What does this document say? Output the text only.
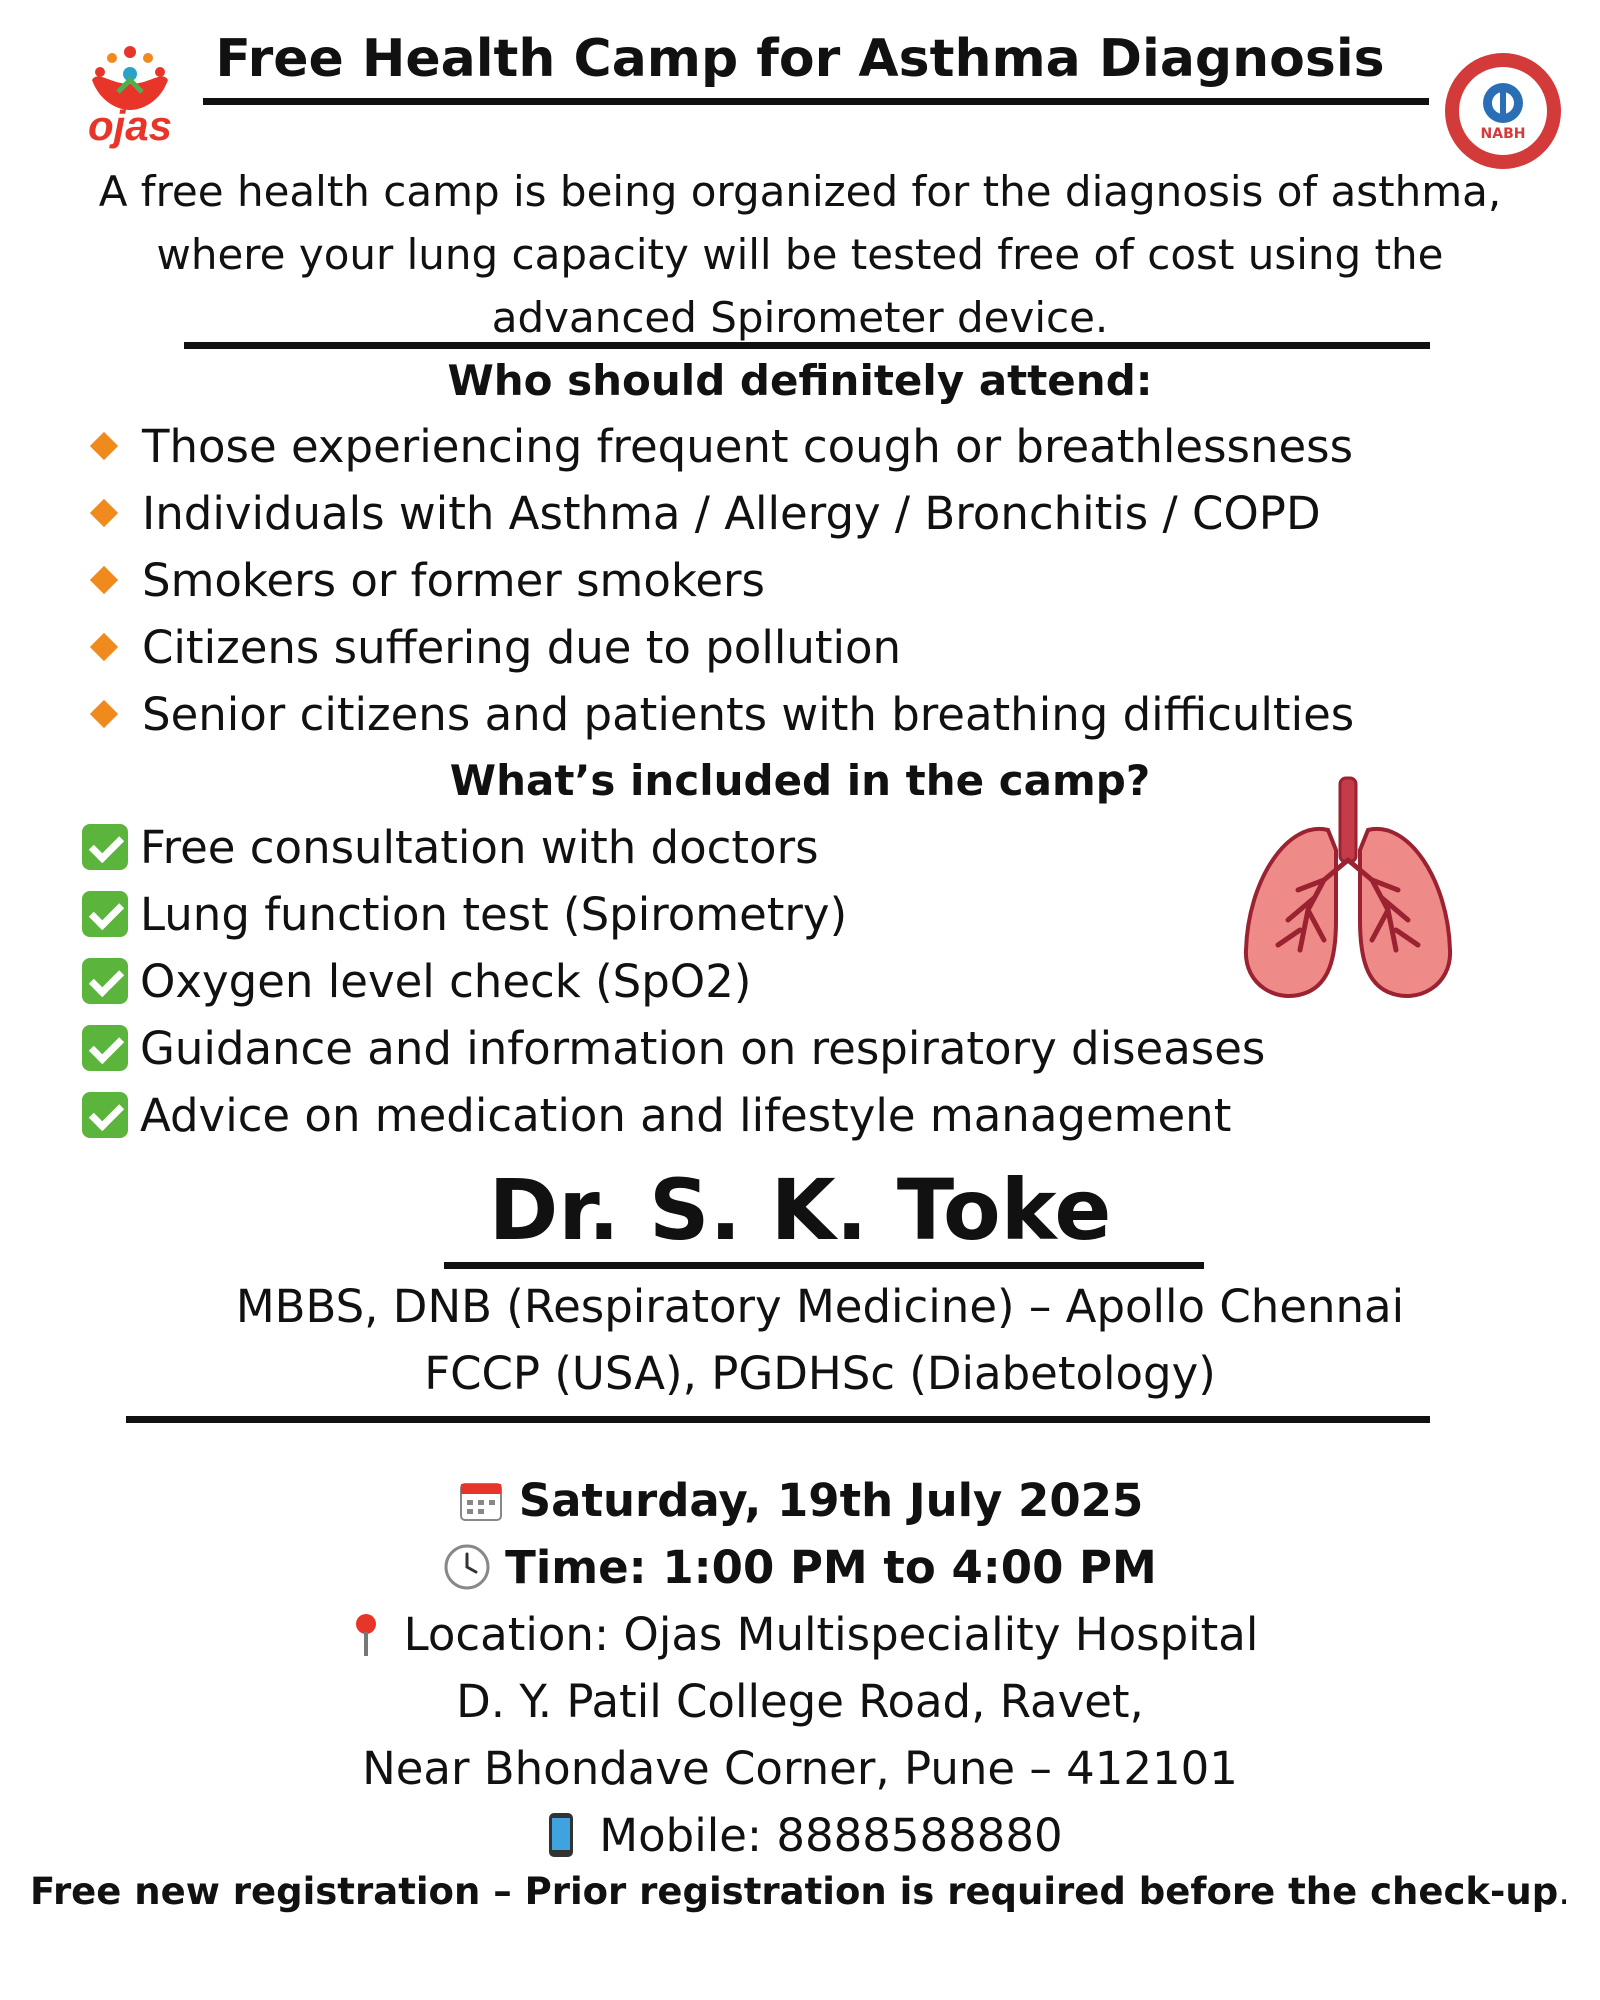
ojas
Free Health Camp for Asthma Diagnosis
NABH
A free health camp is being organized for the diagnosis of asthma,
where your lung capacity will be tested free of cost using the
advanced Spirometer device.
Who should definitely attend:
Those experiencing frequent cough or breathlessness
Individuals with Asthma / Allergy / Bronchitis / COPD
Smokers or former smokers
Citizens suffering due to pollution
Senior citizens and patients with breathing difficulties
What’s included in the camp?
Free consultation with doctors
Lung function test (Spirometry)
Oxygen level check (SpO2)
Guidance and information on respiratory diseases
Advice on medication and lifestyle management
Dr. S. K. Toke
MBBS, DNB (Respiratory Medicine) – Apollo Chennai
FCCP (USA), PGDHSc (Diabetology)
Saturday, 19th July 2025
Time: 1:00 PM to 4:00 PM
Location: Ojas Multispeciality Hospital
D. Y. Patil College Road, Ravet,
Near Bhondave Corner, Pune – 412101
Mobile: 8888588880
Free new registration – Prior registration is required before the check-up.
